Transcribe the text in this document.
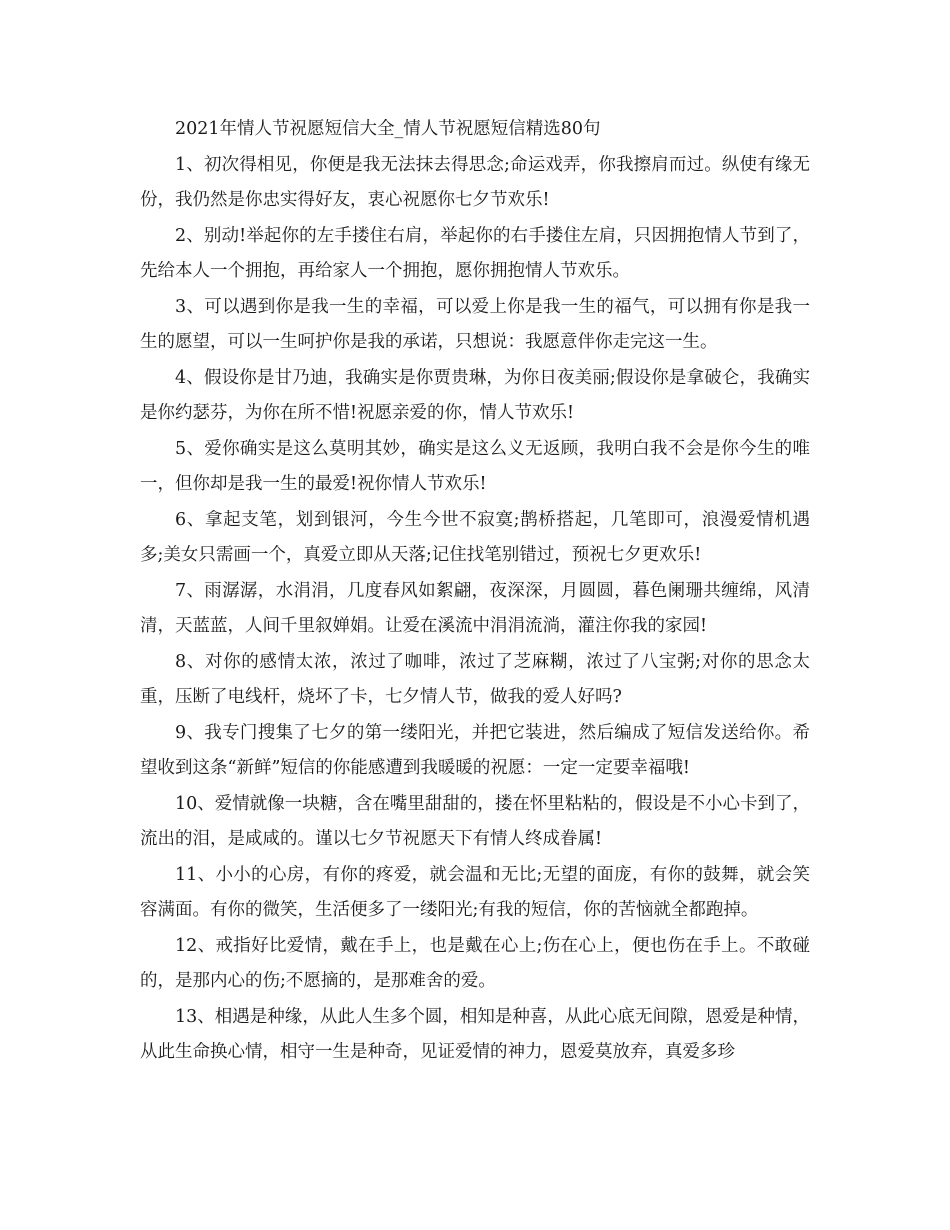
2021年情人节祝愿短信大全_情人节祝愿短信精选80句

1、初次得相见，你便是我无法抹去得思念;命运戏弄，你我擦肩而过。纵使有缘无份，我仍然是你忠实得好友，衷心祝愿你七夕节欢乐!

2、别动!举起你的左手搂住右肩，举起你的右手搂住左肩，只因拥抱情人节到了，先给本人一个拥抱，再给家人一个拥抱，愿你拥抱情人节欢乐。

3、可以遇到你是我一生的幸福，可以爱上你是我一生的福气，可以拥有你是我一生的愿望，可以一生呵护你是我的承诺，只想说：我愿意伴你走完这一生。

4、假设你是甘乃迪，我确实是你贾贵琳，为你日夜美丽;假设你是拿破仑，我确实是你约瑟芬，为你在所不惜!祝愿亲爱的你，情人节欢乐!

5、爱你确实是这么莫明其妙，确实是这么义无返顾，我明白我不会是你今生的唯一，但你却是我一生的最爱!祝你情人节欢乐!

6、拿起支笔，划到银河，今生今世不寂寞;鹊桥搭起，几笔即可，浪漫爱情机遇多;美女只需画一个，真爱立即从天落;记住找笔别错过，预祝七夕更欢乐!

7、雨潺潺，水涓涓，几度春风如絮翩，夜深深，月圆圆，暮色阑珊共缠绵，风清清，天蓝蓝，人间千里叙婵娟。让爱在溪流中涓涓流淌，灌注你我的家园!

8、对你的感情太浓，浓过了咖啡，浓过了芝麻糊，浓过了八宝粥;对你的思念太重，压断了电线杆，烧坏了卡，七夕情人节，做我的爱人好吗?

9、我专门搜集了七夕的第一缕阳光，并把它装进，然后编成了短信发送给你。希望收到这条“新鲜”短信的你能感遭到我暖暖的祝愿：一定一定要幸福哦!

10、爱情就像一块糖，含在嘴里甜甜的，搂在怀里粘粘的，假设是不小心卡到了，流出的泪，是咸咸的。谨以七夕节祝愿天下有情人终成眷属!

11、小小的心房，有你的疼爱，就会温和无比;无望的面庞，有你的鼓舞，就会笑容满面。有你的微笑，生活便多了一缕阳光;有我的短信，你的苦恼就全都跑掉。

12、戒指好比爱情，戴在手上，也是戴在心上;伤在心上，便也伤在手上。不敢碰的，是那内心的伤;不愿摘的，是那难舍的爱。

13、相遇是种缘，从此人生多个圆，相知是种喜，从此心底无间隙，恩爱是种情，从此生命换心情，相守一生是种奇，见证爱情的神力，恩爱莫放弃，真爱多珍
